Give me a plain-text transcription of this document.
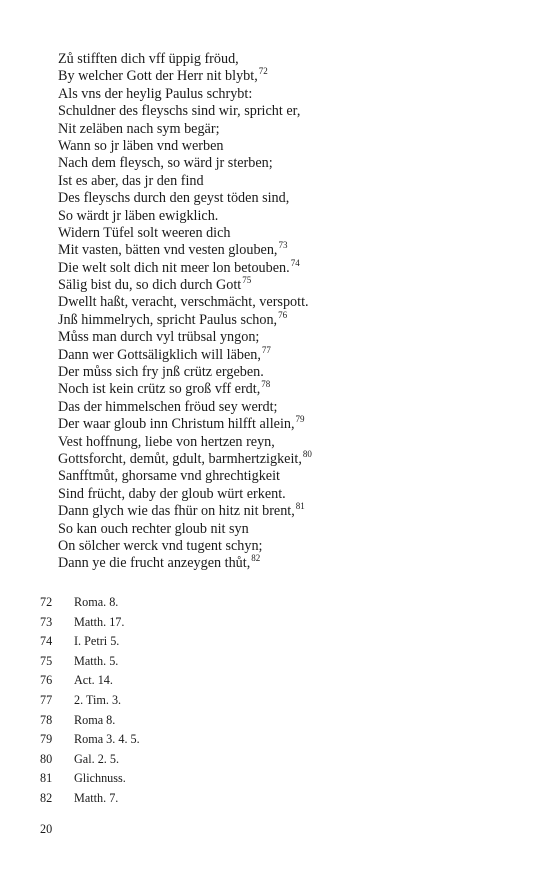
Zů stifften dich vff üppig fröud,
By welcher Gott der Herr nit blybt,$^{72}$
Als vns der heylig Paulus schrybt:
Schuldner des fleyschs sind wir, spricht er,
Nit zeläben nach sym begär;
Wann so jr läben vnd werben
Nach dem fleysch, so wärd jr sterben;
Ist es aber, das jr den find
Des fleyschs durch den geyst töden sind,
So wärdt jr läben ewigklich.
Widern Tüfel solt weeren dich
Mit vasten, bätten vnd vesten glouben,$^{73}$
Die welt solt dich nit meer lon betouben.$^{74}$
Sälig bist du, so dich durch Gott$^{75}$
Dwellt haßt, veracht, verschmächt, verspott.
Jnß himmelrych, spricht Paulus schon,$^{76}$
Můss man durch vyl trübsal yngon;
Dann wer Gottsäligklich will läben,$^{77}$
Der můss sich fry jnß crütz ergeben.
Noch ist kein crütz so groß vff erdt,$^{78}$
Das der himmelschen fröud sey werdt;
Der waar gloub inn Christum hilfft allein,$^{79}$
Vest hoffnung, liebe von hertzen reyn,
Gottsforcht, demůt, gdult, barmhertzigkeit,$^{80}$
Sanfftmůt, ghorsame vnd ghrechtigkeit
Sind frücht, daby der gloub würt erkent.
Dann glych wie das fhür on hitz nit brent,$^{81}$
So kan ouch rechter gloub nit syn
On sölcher werck vnd tugent schyn;
Dann ye die frucht anzeygen thůt,$^{82}$
72	Roma. 8.
73	Matth. 17.
74	I. Petri 5.
75	Matth. 5.
76	Act. 14.
77	2. Tim. 3.
78	Roma 8.
79	Roma 3. 4. 5.
80	Gal. 2. 5.
81	Glichnuss.
82	Matth. 7.
20
